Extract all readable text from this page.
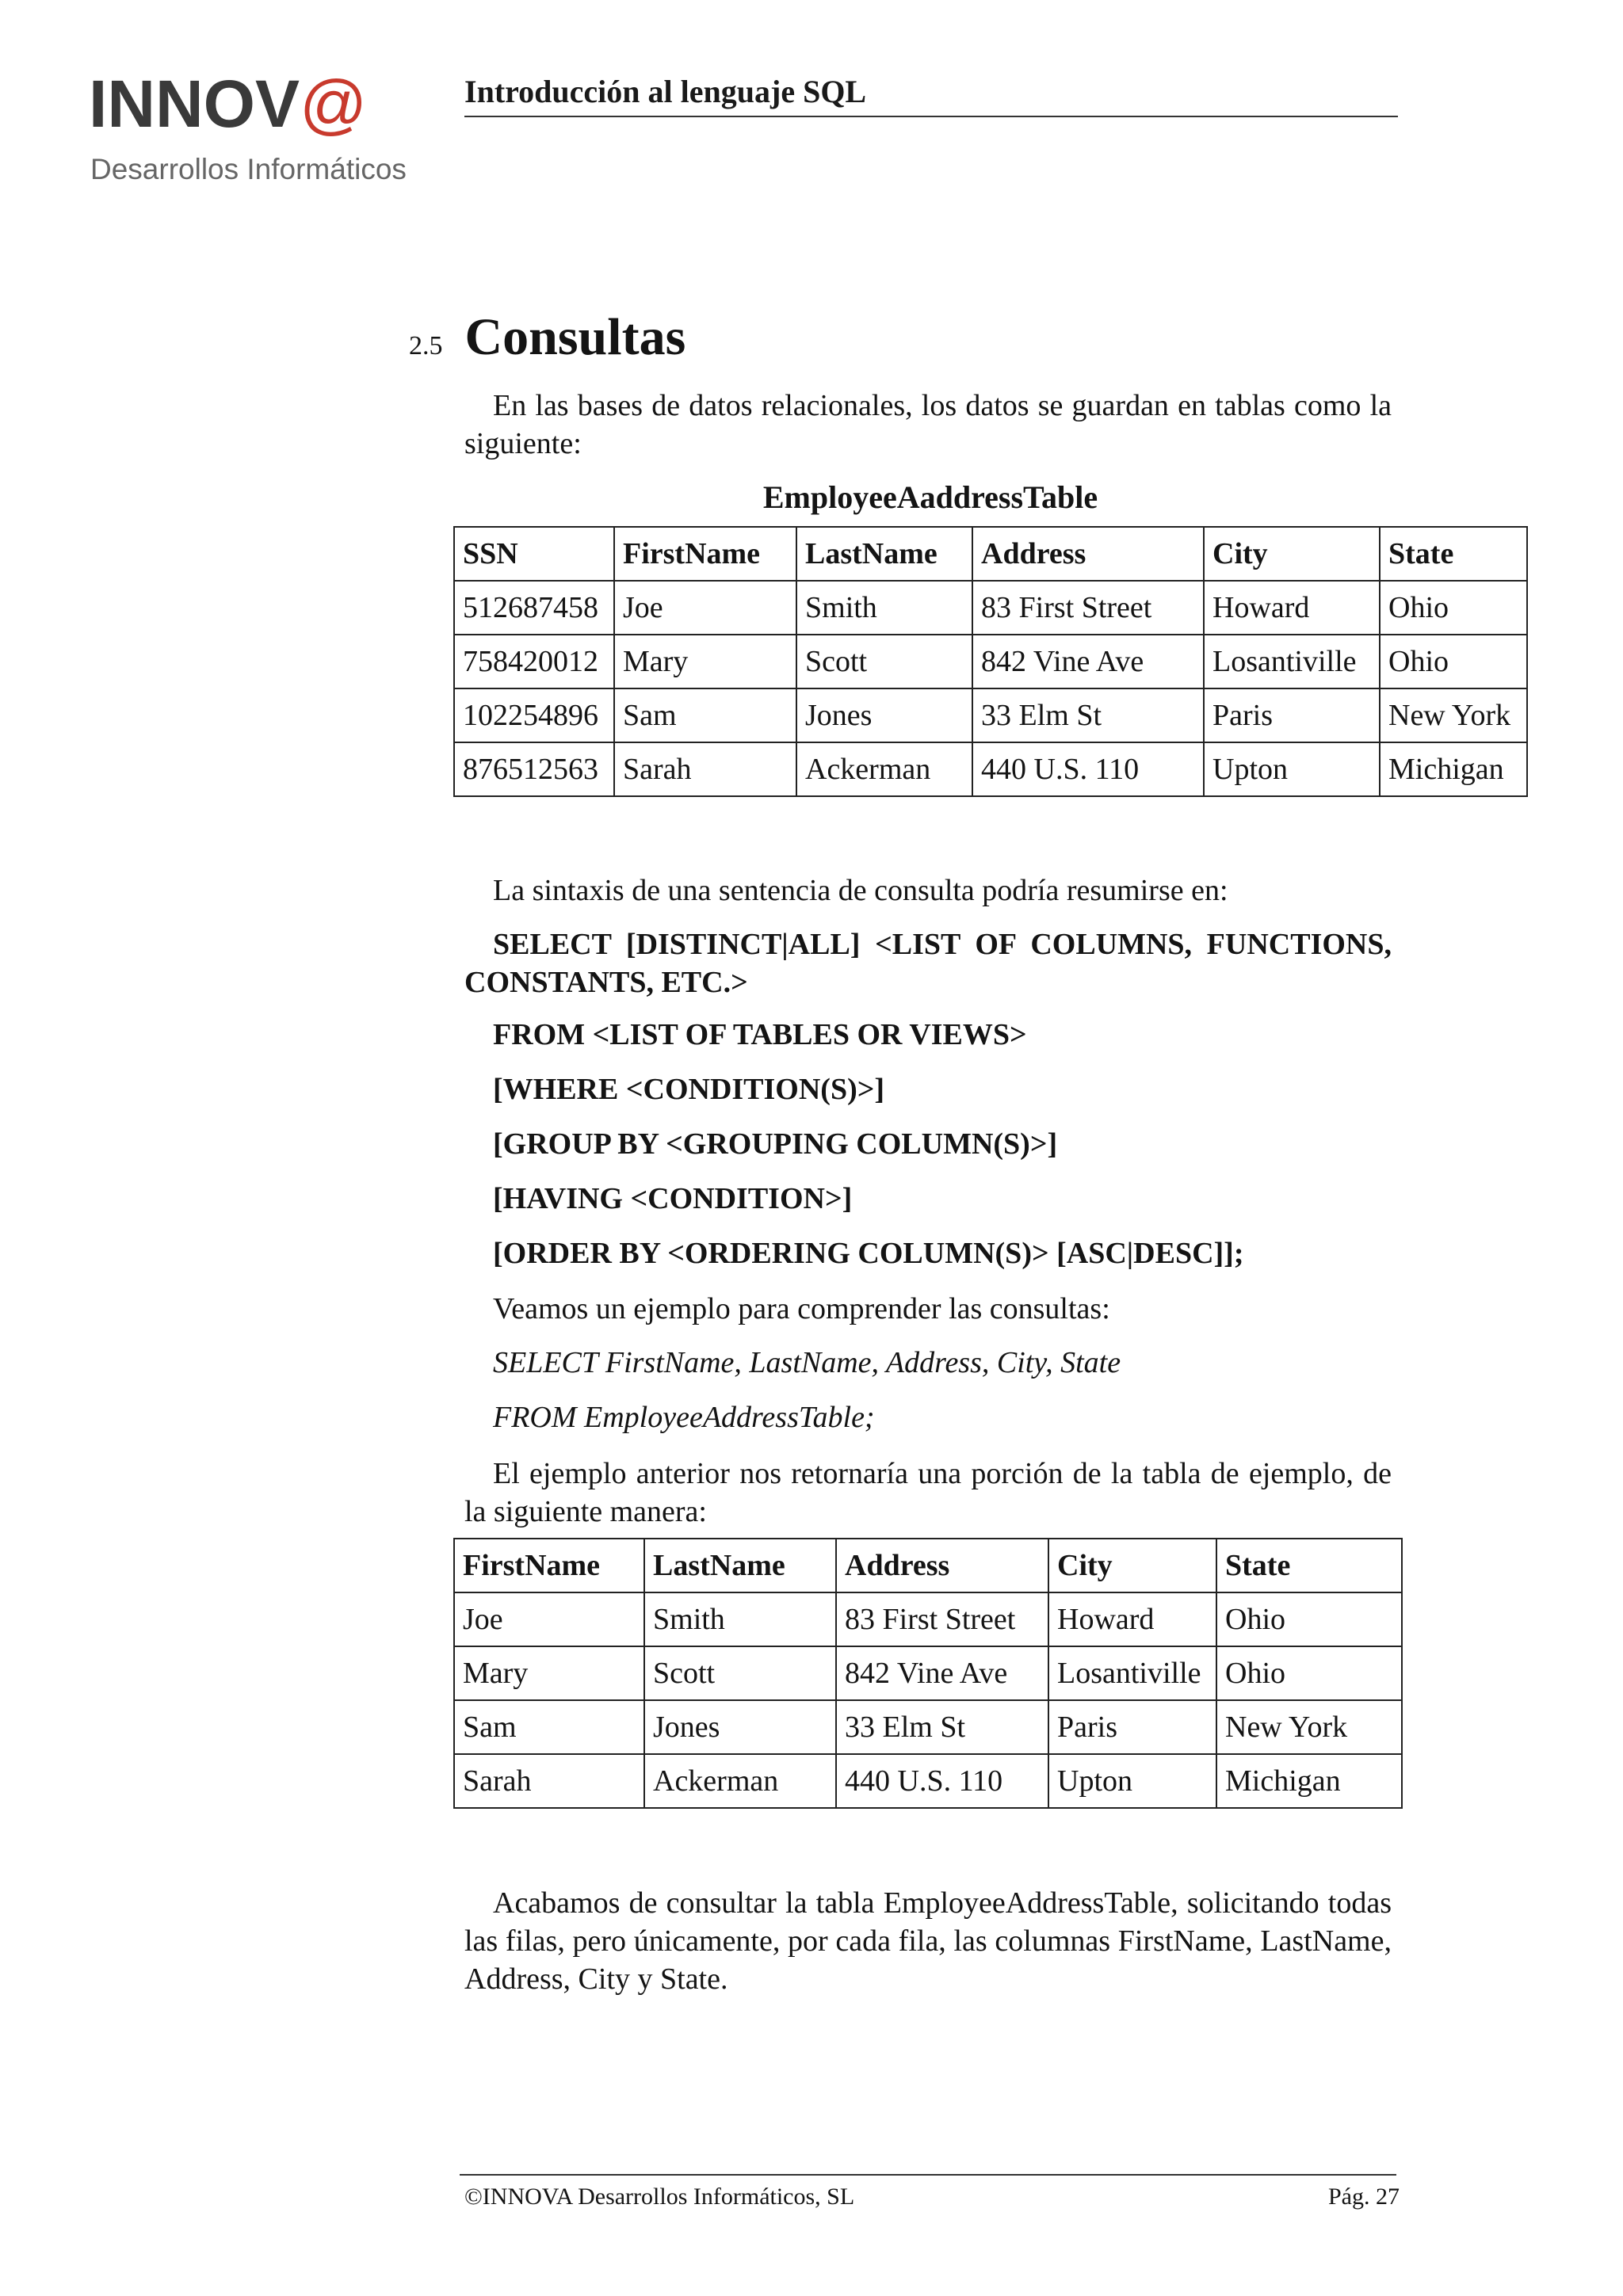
INNOV@
Desarrollos Informáticos
Introducción al lenguaje SQL
2.5 Consultas

En las bases de datos relacionales, los datos se guardan en tablas como la siguiente:

EmployeeAaddressTable
SSN	FirstName	LastName	Address	City	State
512687458	Joe	Smith	83 First Street	Howard	Ohio
758420012	Mary	Scott	842 Vine Ave	Losantiville	Ohio
102254896	Sam	Jones	33 Elm St	Paris	New York
876512563	Sarah	Ackerman	440 U.S. 110	Upton	Michigan

La sintaxis de una sentencia de consulta podría resumirse en:

SELECT [DISTINCT|ALL] <LIST OF COLUMNS, FUNCTIONS, CONSTANTS, ETC.>

FROM <LIST OF TABLES OR VIEWS>
[WHERE <CONDITION(S)>]
[GROUP BY <GROUPING COLUMN(S)>]
[HAVING <CONDITION>]
[ORDER BY <ORDERING COLUMN(S)> [ASC|DESC]];

Veamos un ejemplo para comprender las consultas:

SELECT FirstName, LastName, Address, City, State
FROM EmployeeAddressTable;

El ejemplo anterior nos retornaría una porción de la tabla de ejemplo, de la siguiente manera:

FirstName	LastName	Address	City	State
Joe	Smith	83 First Street	Howard	Ohio
Mary	Scott	842 Vine Ave	Losantiville	Ohio
Sam	Jones	33 Elm St	Paris	New York
Sarah	Ackerman	440 U.S. 110	Upton	Michigan

Acabamos de consultar la tabla EmployeeAddressTable, solicitando todas las filas, pero únicamente, por cada fila, las columnas FirstName, LastName, Address, City y State.

©INNOVA Desarrollos Informáticos, SL	Pág. 27
